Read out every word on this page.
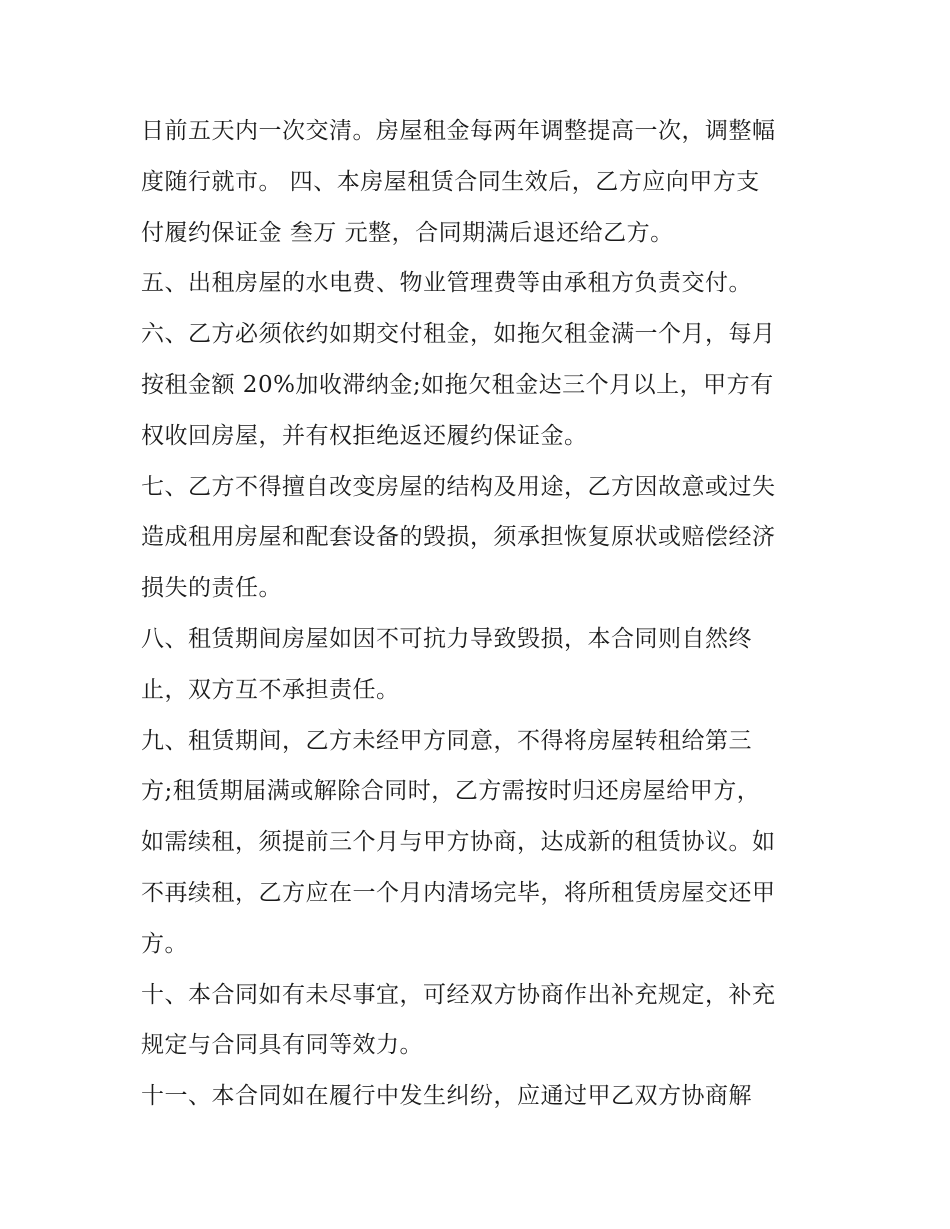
日前五天内一次交清。房屋租金每两年调整提高一次，调整幅
度随行就市。 四、本房屋租赁合同生效后，乙方应向甲方支
付履约保证金 叁万 元整，合同期满后退还给乙方。
五、出租房屋的水电费、物业管理费等由承租方负责交付。
六、乙方必须依约如期交付租金，如拖欠租金满一个月，每月
按租金额 20%加收滞纳金;如拖欠租金达三个月以上，甲方有
权收回房屋，并有权拒绝返还履约保证金。
七、乙方不得擅自改变房屋的结构及用途，乙方因故意或过失
造成租用房屋和配套设备的毁损，须承担恢复原状或赔偿经济
损失的责任。
八、租赁期间房屋如因不可抗力导致毁损，本合同则自然终
止，双方互不承担责任。
九、租赁期间，乙方未经甲方同意，不得将房屋转租给第三
方;租赁期届满或解除合同时，乙方需按时归还房屋给甲方，
如需续租，须提前三个月与甲方协商，达成新的租赁协议。如
不再续租，乙方应在一个月内清场完毕，将所租赁房屋交还甲
方。
十、本合同如有未尽事宜，可经双方协商作出补充规定，补充
规定与合同具有同等效力。
十一、本合同如在履行中发生纠纷，应通过甲乙双方协商解
